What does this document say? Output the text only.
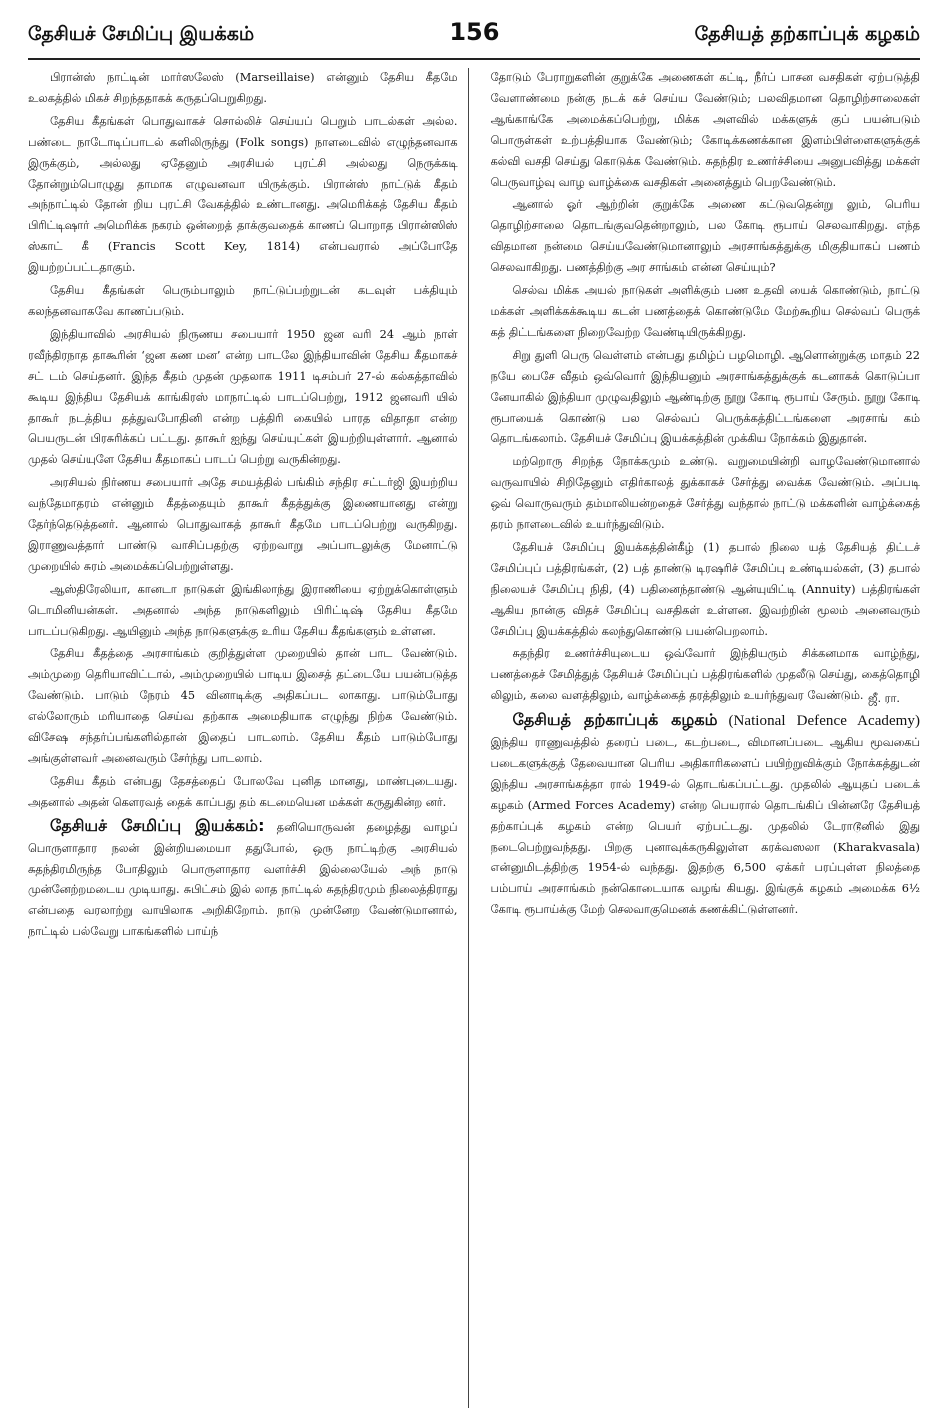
தேசியச் சேமிப்பு இயக்கம்	156	தேசியத் தற்காப்புக் கழகம்

பிரான்ஸ் நாட்டின் மார்ஸலேஸ் (Marseillaise) என்னும் தேசிய கீதமே உலகத்தில் மிகச் சிறந்ததாகக் கருதப்பெறுகிறது.

தேசிய கீதங்கள் பொதுவாகச் சொல்லிச் செய்யப் பெறும் பாடல்கள் அல்ல. பண்டை நாடோடிப்பாடல் களிலிருந்து (Folk songs) நாளடைவில் எழுந்தனவாக இருக்கும், அல்லது ஏதேனும் அரசியல் புரட்சி அல்லது நெருக்கடி தோன்றும்பொழுது தாமாக எழுவனவா யிருக்கும். பிரான்ஸ் நாட்டுக் கீதம் அந்நாட்டில் தோன் றிய புரட்சி வேகத்தில் உண்டானது. அமெரிக்கத் தேசிய கீதம் பிரிட்டிஷார் அமெரிக்க நகரம் ஒன்றைத் தாக்குவதைக் காணப் பொறாத பிரான்ஸிஸ் ஸ்காட் கீ (Francis Scott Key, 1814) என்பவரால் அப்போதே இயற்றப்பட்டதாகும்.

தேசிய கீதங்கள் பெரும்பாலும் நாட்டுப்பற்றுடன் கடவுள் பக்தியும் கலந்தனவாகவே காணப்படும்.

இந்தியாவில் அரசியல் நிருணய சபையார் 1950 ஜன வரி 24 ஆம் நாள் ரவீந்திரநாத தாகூரின் ‘ஜன கண மன’ என்ற பாடலே இந்தியாவின் தேசிய கீதமாகச் சட் டம் செய்தனர். இந்த கீதம் முதன் முதலாக 1911 டிசம்பர் 27-ல் கல்கத்தாவில் கூடிய இந்திய தேசியக் காங்கிரஸ் மாநாட்டில் பாடப்பெற்று, 1912 ஜனவரி யில் தாகூர் நடத்திய தத்துவபோதினி என்ற பத்திரி கையில் பாரத விதாதா என்ற பெயருடன் பிரசுரிக்கப் பட்டது. தாகூர் ஐந்து செய்யுட்கள் இயற்றியுள்ளார். ஆனால் முதல் செய்யுளே தேசிய கீதமாகப் பாடப் பெற்று வருகின்றது.

அரசியல் நிர்ணய சபையார் அதே சமயத்தில் பங்கிம் சந்திர சட்டர்ஜி இயற்றிய வந்தேமாதரம் என்னும் கீதத்தையும் தாகூர் கீதத்துக்கு இணையானது என்று தேர்ந்தெடுத்தனர். ஆனால் பொதுவாகத் தாகூர் கீதமே பாடப்பெற்று வருகிறது. இராணுவத்தார் பாண்டு வாசிப்பதற்கு ஏற்றவாறு அப்பாடலுக்கு மேனாட்டு முறையில் சுரம் அமைக்கப்பெற்றுள்ளது.

ஆஸ்திரேலியா, கானடா நாடுகள் இங்கிலாந்து இராணியை ஏற்றுக்கொள்ளும் டொமினியன்கள். அதனால் அந்த நாடுகளிலும் பிரிட்டிஷ் தேசிய கீதமே பாடப்படுகிறது. ஆயினும் அந்த நாடுகளுக்கு உரிய தேசிய கீதங்களும் உள்ளன.

தேசிய கீதத்தை அரசாங்கம் குறித்துள்ள முறையில் தான் பாட வேண்டும். அம்முறை தெரியாவிட்டால், அம்முறையில் பாடிய இசைத் தட்டையே பயன்படுத்த வேண்டும். பாடும் நேரம் 45 வினாடிக்கு அதிகப்பட லாகாது. பாடும்போது எல்லோரும் மரியாதை செய்வ தற்காக அமைதியாக எழுந்து நிற்க வேண்டும். விசேஷ சந்தர்ப்பங்களில்தான் இதைப் பாடலாம். தேசிய கீதம் பாடும்போது அங்குள்ளவர் அனைவரும் சேர்ந்து பாடலாம்.

தேசிய கீதம் என்பது தேசத்தைப் போலவே புனித மானது, மாண்புடையது. அதனால் அதன் கௌரவத் தைக் காப்பது தம் கடமையென மக்கள் கருதுகின்ற னர்.

தேசியச் சேமிப்பு இயக்கம்: தனியொருவன் தழைத்து வாழப் பொருளாதார நலன் இன்றியமையா ததுபோல், ஒரு நாட்டிற்கு அரசியல் சுதந்திரமிருந்த போதிலும் பொருளாதார வளர்ச்சி இல்லையேல் அந் நாடு முன்னேற்றமடைய முடியாது. சுபிட்சம் இல் லாத நாட்டில் சுதந்திரமும் நிலைத்திராது என்பதை வரலாற்று வாயிலாக அறிகிறோம். நாடு முன்னேற வேண்டுமானால், நாட்டில் பல்வேறு பாகங்களில் பாய்ந்

தோடும் பேராறுகளின் குறுக்கே அணைகள் கட்டி, நீர்ப் பாசன வசதிகள் ஏற்படுத்தி வேளாண்மை நன்கு நடக் கச் செய்ய வேண்டும்; பலவிதமான தொழிற்சாலைகள் ஆங்காங்கே அமைக்கப்பெற்று, மிக்க அளவில் மக்களுக் குப் பயன்படும் பொருள்கள் உற்பத்தியாக வேண்டும்; கோடிக்கணக்கான இளம்பிள்ளைகளுக்குக் கல்வி வசதி செய்து கொடுக்க வேண்டும். சுதந்திர உணர்ச்சியை அனுபவித்து மக்கள் பெருவாழ்வு வாழ வாழ்க்கை வசதிகள் அனைத்தும் பெறவேண்டும்.

ஆனால் ஓர் ஆற்றின் குறுக்கே அணை கட்டுவதென்று லும், பெரிய தொழிற்சாலை தொடங்குவதென்றாலும், பல கோடி ரூபாய் செலவாகிறது. எந்த விதமான நன்மை செய்யவேண்டுமானாலும் அரசாங்கத்துக்கு மிகுதியாகப் பணம் செலவாகிறது. பணத்திற்கு அர சாங்கம் என்ன செய்யும்?

செல்வ மிக்க அயல் நாடுகள் அளிக்கும் பண உதவி யைக் கொண்டும், நாட்டு மக்கள் அளிக்கக்கூடிய கடன் பணத்தைக் கொண்டுமே மேற்கூறிய செல்வப் பெருக் கத் திட்டங்களை நிறைவேற்ற வேண்டியிருக்கிறது.

சிறு துளி பெரு வெள்ளம் என்பது தமிழ்ப் பழமொழி. ஆளொன்றுக்கு மாதம் 22 நயே பைசே வீதம் ஒவ்வொர் இந்தியனும் அரசாங்கத்துக்குக் கடனாகக் கொடுப்பா னேயாகில் இந்தியா முழுவதிலும் ஆண்டிற்கு நூறு கோடி ரூபாய் சேரும். நூறு கோடி ரூபாயைக் கொண்டு பல செல்வப் பெருக்கத்திட்டங்களை அரசாங் கம் தொடங்கலாம். தேசியச் சேமிப்பு இயக்கத்தின் முக்கிய நோக்கம் இதுதான்.

மற்றொரு சிறந்த நோக்கமும் உண்டு. வறுமையின்றி வாழவேண்டுமானால் வருவாயில் சிறிதேனும் எதிர்காலத் துக்காகச் சேர்த்து வைக்க வேண்டும். அப்படி ஒவ் வொருவரும் தம்மாலியன்றதைச் சேர்த்து வந்தால் நாட்டு மக்களின் வாழ்க்கைத் தரம் நாளடைவில் உயர்ந்துவிடும்.

தேசியச் சேமிப்பு இயக்கத்தின்கீழ் (1) தபால் நிலை யத் தேசியத் திட்டச் சேமிப்புப் பத்திரங்கள், (2) பத் தாண்டு டிரஷரிச் சேமிப்பு உண்டியல்கள், (3) தபால் நிலையச் சேமிப்பு நிதி, (4) பதினைந்தாண்டு ஆன்யுயிட்டி (Annuity) பத்திரங்கள் ஆகிய நான்கு விதச் சேமிப்பு வசதிகள் உள்ளன. இவற்றின் மூலம் அனைவரும் சேமிப்பு இயக்கத்தில் கலந்துகொண்டு பயன்பெறலாம்.

சுதந்திர உணர்ச்சியுடைய ஒவ்வோர் இந்தியரும் சிக்கனமாக வாழ்ந்து, பணத்தைச் சேமித்துத் தேசியச் சேமிப்புப் பத்திரங்களில் முதலீடு செய்து, கைத்தொழி லிலும், கலை வளத்திலும், வாழ்க்கைத் தரத்திலும் உயர்ந்துவர வேண்டும். ஜீ. ரா.

தேசியத் தற்காப்புக் கழகம் (National Defence Academy) இந்திய ராணுவத்தில் தரைப் படை, கடற்படை, விமானப்படை ஆகிய மூவகைப் படைகளுக்குத் தேவையான பெரிய அதிகாரிகளைப் பயிற்றுவிக்கும் நோக்கத்துடன் இந்திய அரசாங்கத்தா ரால் 1949-ல் தொடங்கப்பட்டது. முதலில் ஆயுதப் படைக் கழகம் (Armed Forces Academy) என்ற பெயரால் தொடங்கிப் பின்னரே தேசியத் தற்காப்புக் கழகம் என்ற பெயர் ஏற்பட்டது. முதலில் டேராடூனில் இது நடைபெற்றுவந்தது. பிறகு புனாவுக்கருகிலுள்ள கரக்வஸலா (Kharakvasala) என்னுமிடத்திற்கு 1954-ல் வந்தது. இதற்கு 6,500 ஏக்கர் பரப்புள்ள நிலத்தை பம்பாய் அரசாங்கம் நன்கொடையாக வழங் கியது. இங்குக் கழகம் அமைக்க 6½ கோடி ரூபாய்க்கு மேற் செலவாகுமெனக் கணக்கிட்டுள்ளனர்.
